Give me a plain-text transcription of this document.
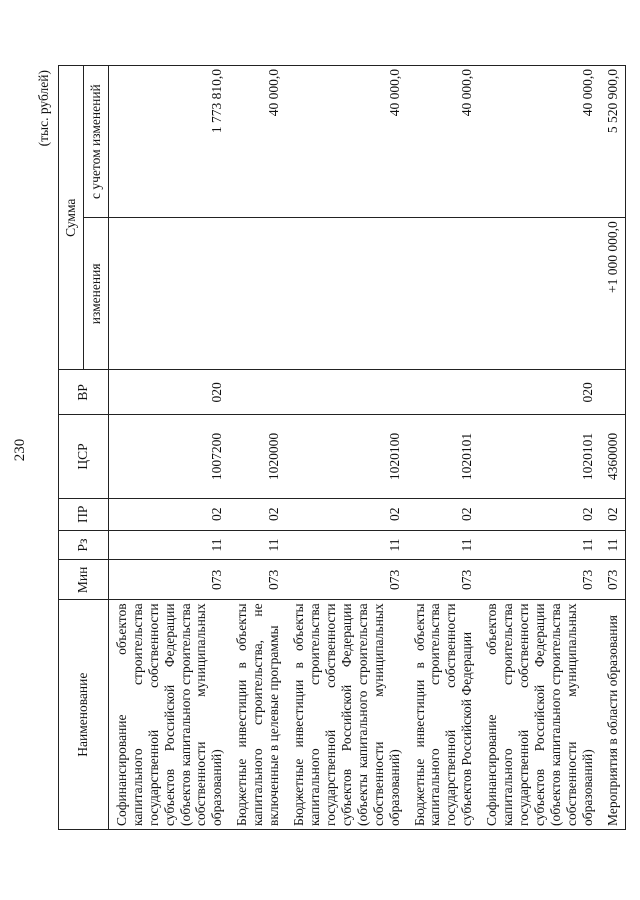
230
(тыс. рублей)
Наименование	Мин	Рз	ПР	ЦСР	ВР	Сумма	
						изменения	с учетом изменений
Софинансирование объектов капитального строительства государственной собственности субъектов Российской Федерации (объектов капитального строительства собственности муниципальных образований)	073	11	02	1007200	020		1 773 810,0
Бюджетные инвестиции в объекты капитального строительства, не включенные в целевые программы	073	11	02	1020000			40 000,0
Бюджетные инвестиции в объекты капитального строительства государственной собственности субъектов Российской Федерации (объекты капитального строительства собственности муниципальных образований)	073	11	02	1020100			40 000,0
Бюджетные инвестиции в объекты капитального строительства государственной собственности субъектов Российской Федерации	073	11	02	1020101			40 000,0
Софинансирование объектов капитального строительства государственной собственности субъектов Российской Федерации (объектов капитального строительства собственности муниципальных образований)	073	11	02	1020101	020		40 000,0
Мероприятия в области образования	073	11	02	4360000		+1 000 000,0	5 520 900,0
